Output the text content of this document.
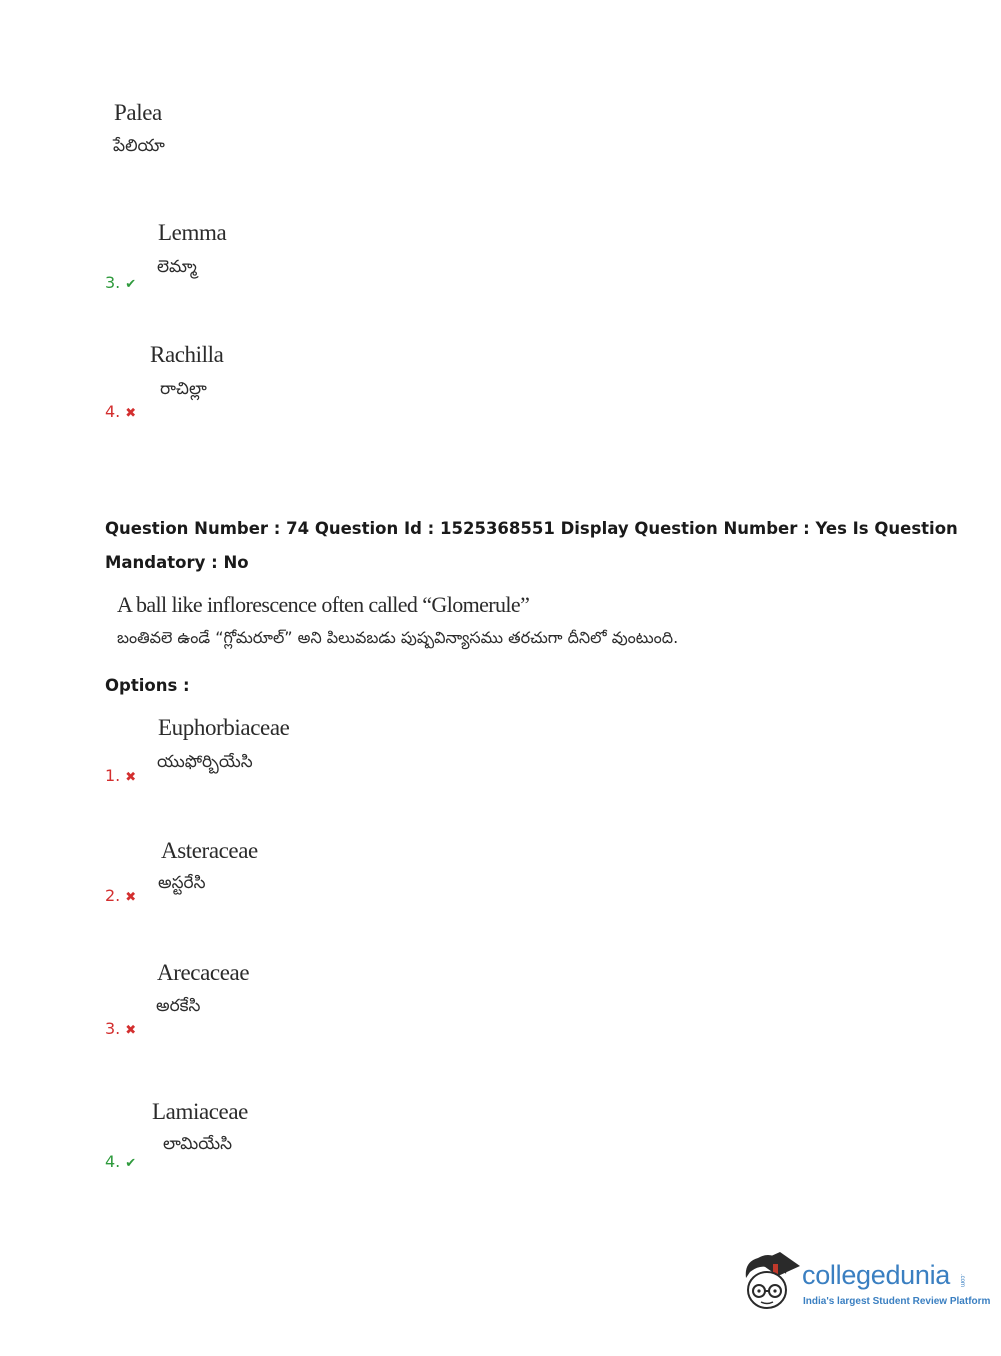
Palea
పేలియా
Lemma
లెమ్మా
3. ✔
Rachilla
రాచిల్లా
4. ✖
Question Number : 74 Question Id : 1525368551 Display Question Number : Yes Is Question
Mandatory : No
A ball like inflorescence often called “Glomerule”
బంతివలె ఉండే “గ్లోమరూల్” అని పిలువబడు పుష్పవిన్యాసము తరచుగా దీనిలో వుంటుంది.
Options :
Euphorbiaceae
యుఫోర్బియేసి
1. ✖
Asteraceae
అస్టరేసి
2. ✖
Arecaceae
అరకేసి
3. ✖
Lamiaceae
లామియేసి
4. ✔
collegedunia .com
India's largest Student Review Platform
